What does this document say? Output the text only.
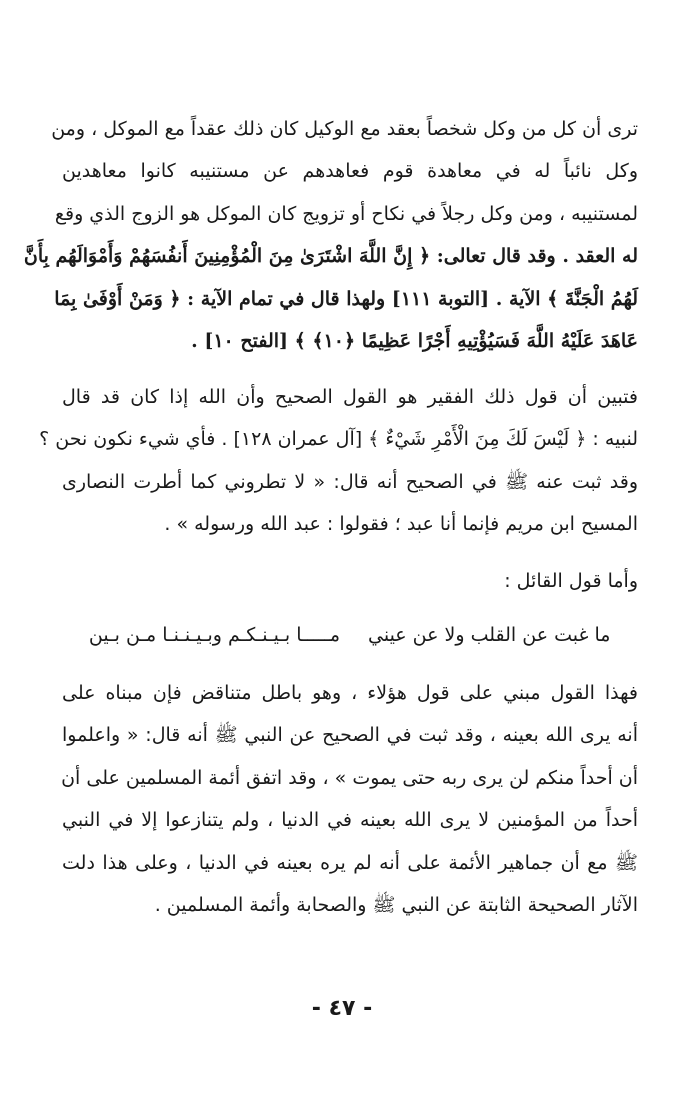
ترى أن كل من وكل شخصاً بعقد مع الوكيل كان ذلك عقداً مع الموكل ، ومن
وكل نائباً له في معاهدة قوم فعاهدهم عن مستنيبه كانوا معاهدين
لمستنيبه ، ومن وكل رجلاً في نكاح أو تزويج كان الموكل هو الزوج الذي وقع
له العقد . وقد قال تعالى: ﴿ إِنَّ اللَّهَ اشْتَرَىٰ مِنَ الْمُؤْمِنِينَ أَنفُسَهُمْ وَأَمْوَالَهُم بِأَنَّ
لَهُمُ الْجَنَّةَ ﴾ الآية . [التوبة ١١١] ولهذا قال في تمام الآية : ﴿ وَمَنْ أَوْفَىٰ بِمَا
عَاهَدَ عَلَيْهُ اللَّهَ فَسَيُؤْتِيهِ أَجْرًا عَظِيمًا ﴿١٠﴾ ﴾ [الفتح ١٠] .
فتبين أن قول ذلك الفقير هو القول الصحيح وأن الله إذا كان قد قال
لنبيه : ﴿ لَيْسَ لَكَ مِنَ الْأَمْرِ شَيْءٌ ﴾ [آل عمران ١٢٨] . فأي شيء نكون نحن ؟
وقد ثبت عنه ﷺ في الصحيح أنه قال: « لا تطروني كما أطرت النصارى
المسيح ابن مريم فإنما أنا عبد ؛ فقولوا : عبد الله ورسوله » .
وأما قول القائل :
ما غبت عن القلب ولا عن عيني
مـــــا بـيـنـكـم وبـيـنـنـا مـن بـين
فهذا القول مبني على قول هؤلاء ، وهو باطل متناقض فإن مبناه على
أنه يرى الله بعينه ، وقد ثبت في الصحيح عن النبي ﷺ أنه قال: « واعلموا
أن أحداً منكم لن يرى ربه حتى يموت » ، وقد اتفق أئمة المسلمين على أن
أحداً من المؤمنين لا يرى الله بعينه في الدنيا ، ولم يتنازعوا إلا في النبي
ﷺ مع أن جماهير الأئمة على أنه لم يره بعينه في الدنيا ، وعلى هذا دلت
الآثار الصحيحة الثابتة عن النبي ﷺ والصحابة وأئمة المسلمين .
- ٤٧ -
